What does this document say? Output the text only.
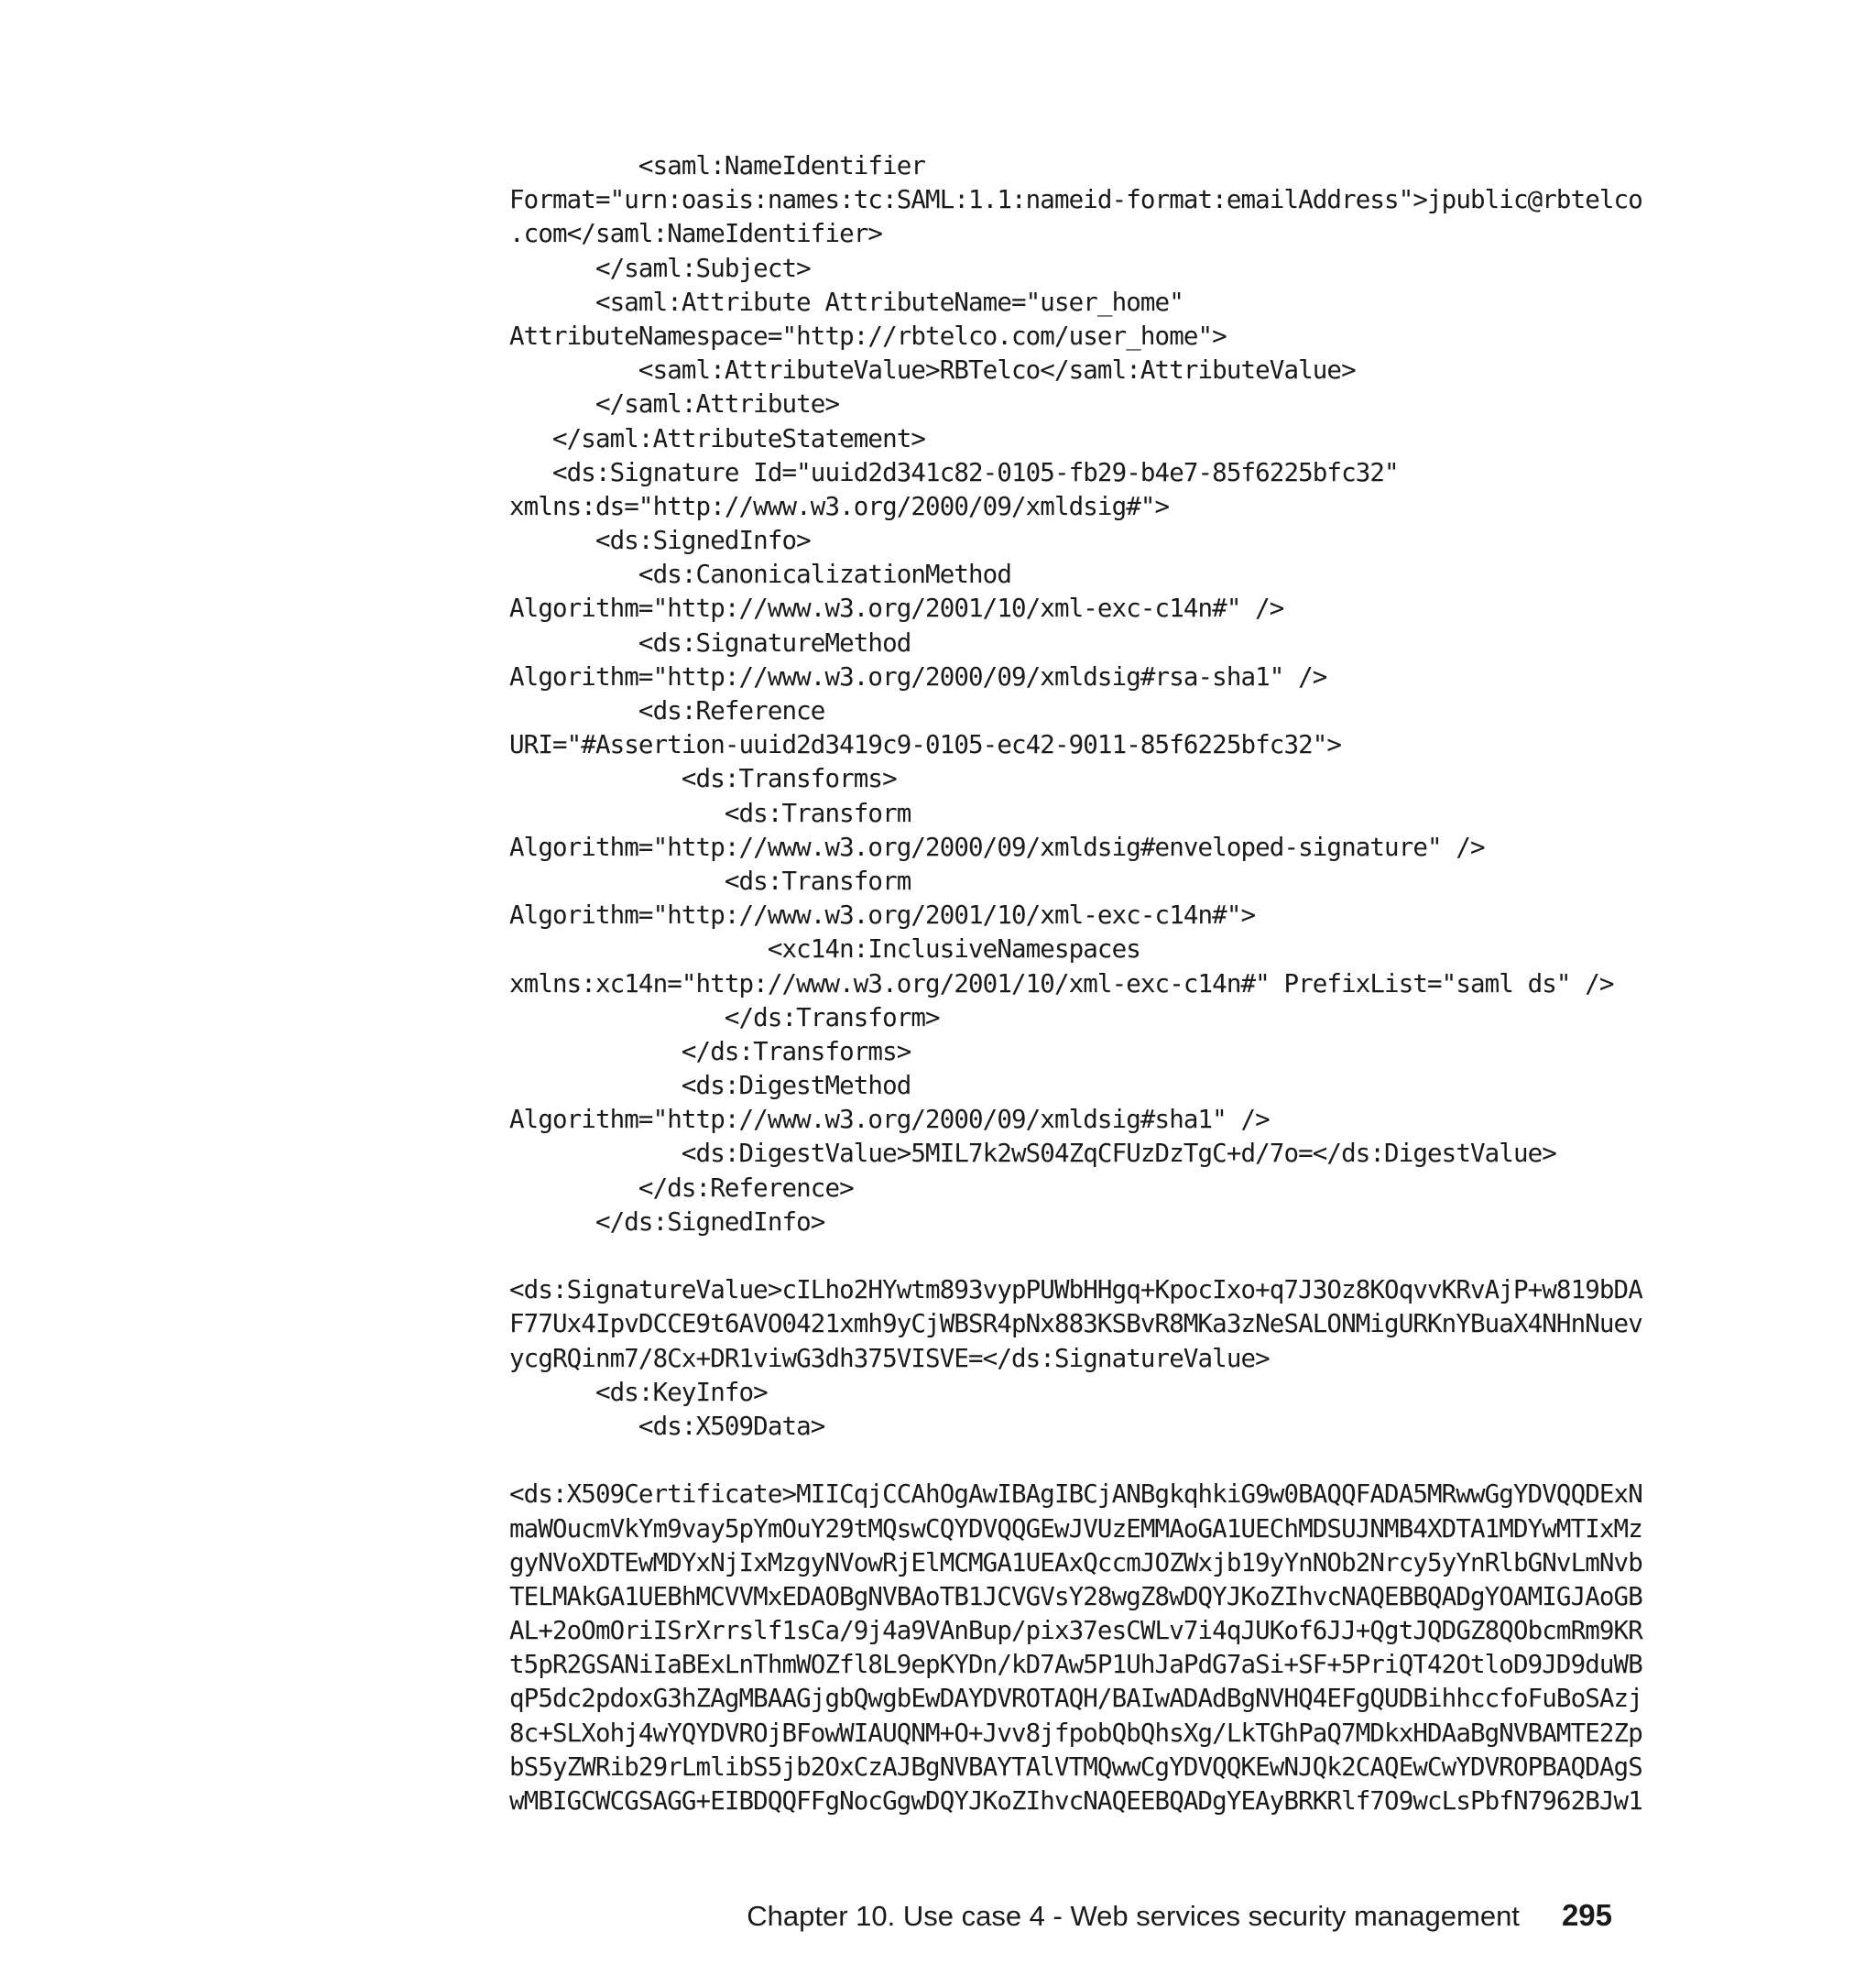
<saml:NameIdentifier
Format="urn:oasis:names:tc:SAML:1.1:nameid-format:emailAddress">jpublic@rbtelco
.com</saml:NameIdentifier>
</saml:Subject>
<saml:Attribute AttributeName="user_home"
AttributeNamespace="http://rbtelco.com/user_home">
<saml:AttributeValue>RBTelco</saml:AttributeValue>
</saml:Attribute>
</saml:AttributeStatement>
<ds:Signature Id="uuid2d341c82-0105-fb29-b4e7-85f6225bfc32"
xmlns:ds="http://www.w3.org/2000/09/xmldsig#">
<ds:SignedInfo>
<ds:CanonicalizationMethod
Algorithm="http://www.w3.org/2001/10/xml-exc-c14n#" />
<ds:SignatureMethod
Algorithm="http://www.w3.org/2000/09/xmldsig#rsa-sha1" />
<ds:Reference
URI="#Assertion-uuid2d3419c9-0105-ec42-9011-85f6225bfc32">
<ds:Transforms>
<ds:Transform
Algorithm="http://www.w3.org/2000/09/xmldsig#enveloped-signature" />
<ds:Transform
Algorithm="http://www.w3.org/2001/10/xml-exc-c14n#">
<xc14n:InclusiveNamespaces
xmlns:xc14n="http://www.w3.org/2001/10/xml-exc-c14n#" PrefixList="saml ds" />
</ds:Transform>
</ds:Transforms>
<ds:DigestMethod
Algorithm="http://www.w3.org/2000/09/xmldsig#sha1" />
<ds:DigestValue>5MIL7k2wS04ZqCFUzDzTgC+d/7o=</ds:DigestValue>
</ds:Reference>
</ds:SignedInfo>
<ds:SignatureValue>cILho2HYwtm893vypPUWbHHgq+KpocIxo+q7J3Oz8KOqvvKRvAjP+w819bDA
F77Ux4IpvDCCE9t6AVO0421xmh9yCjWBSR4pNx883KSBvR8MKa3zNeSALONMigURKnYBuaX4NHnNuev
ycgRQinm7/8Cx+DR1viwG3dh375VISVE=</ds:SignatureValue>
<ds:KeyInfo>
<ds:X509Data>
<ds:X509Certificate>MIICqjCCAhOgAwIBAgIBCjANBgkqhkiG9w0BAQQFADA5MRwwGgYDVQQDExN
maWOucmVkYm9vay5pYmOuY29tMQswCQYDVQQGEwJVUzEMMAoGA1UEChMDSUJNMB4XDTA1MDYwMTIxMz
gyNVoXDTEwMDYxNjIxMzgyNVowRjElMCMGA1UEAxQccmJOZWxjb19yYnNOb2Nrcy5yYnRlbGNvLmNvb
TELMAkGA1UEBhMCVVMxEDAOBgNVBAoTB1JCVGVsY28wgZ8wDQYJKoZIhvcNAQEBBQADgYOAMIGJAoGB
AL+2oOmOriISrXrrslf1sCa/9j4a9VAnBup/pix37esCWLv7i4qJUKof6JJ+QgtJQDGZ8QObcmRm9KR
t5pR2GSANiIaBExLnThmWOZfl8L9epKYDn/kD7Aw5P1UhJaPdG7aSi+SF+5PriQT42OtloD9JD9duWB
qP5dc2pdoxG3hZAgMBAAGjgbQwgbEwDAYDVROTAQH/BAIwADAdBgNVHQ4EFgQUDBihhccfoFuBoSAzj
8c+SLXohj4wYQYDVROjBFowWIAUQNM+O+Jvv8jfpobQbQhsXg/LkTGhPaQ7MDkxHDAaBgNVBAMTE2Zp
bS5yZWRib29rLmlibS5jb2OxCzAJBgNVBAYTAlVTMQwwCgYDVQQKEwNJQk2CAQEwCwYDVROPBAQDAgS
wMBIGCWCGSAGG+EIBDQQFFgNocGgwDQYJKoZIhvcNAQEEBQADgYEAyBRKRlf7O9wcLsPbfN7962BJw1
Chapter 10. Use case 4 - Web services security management 295
